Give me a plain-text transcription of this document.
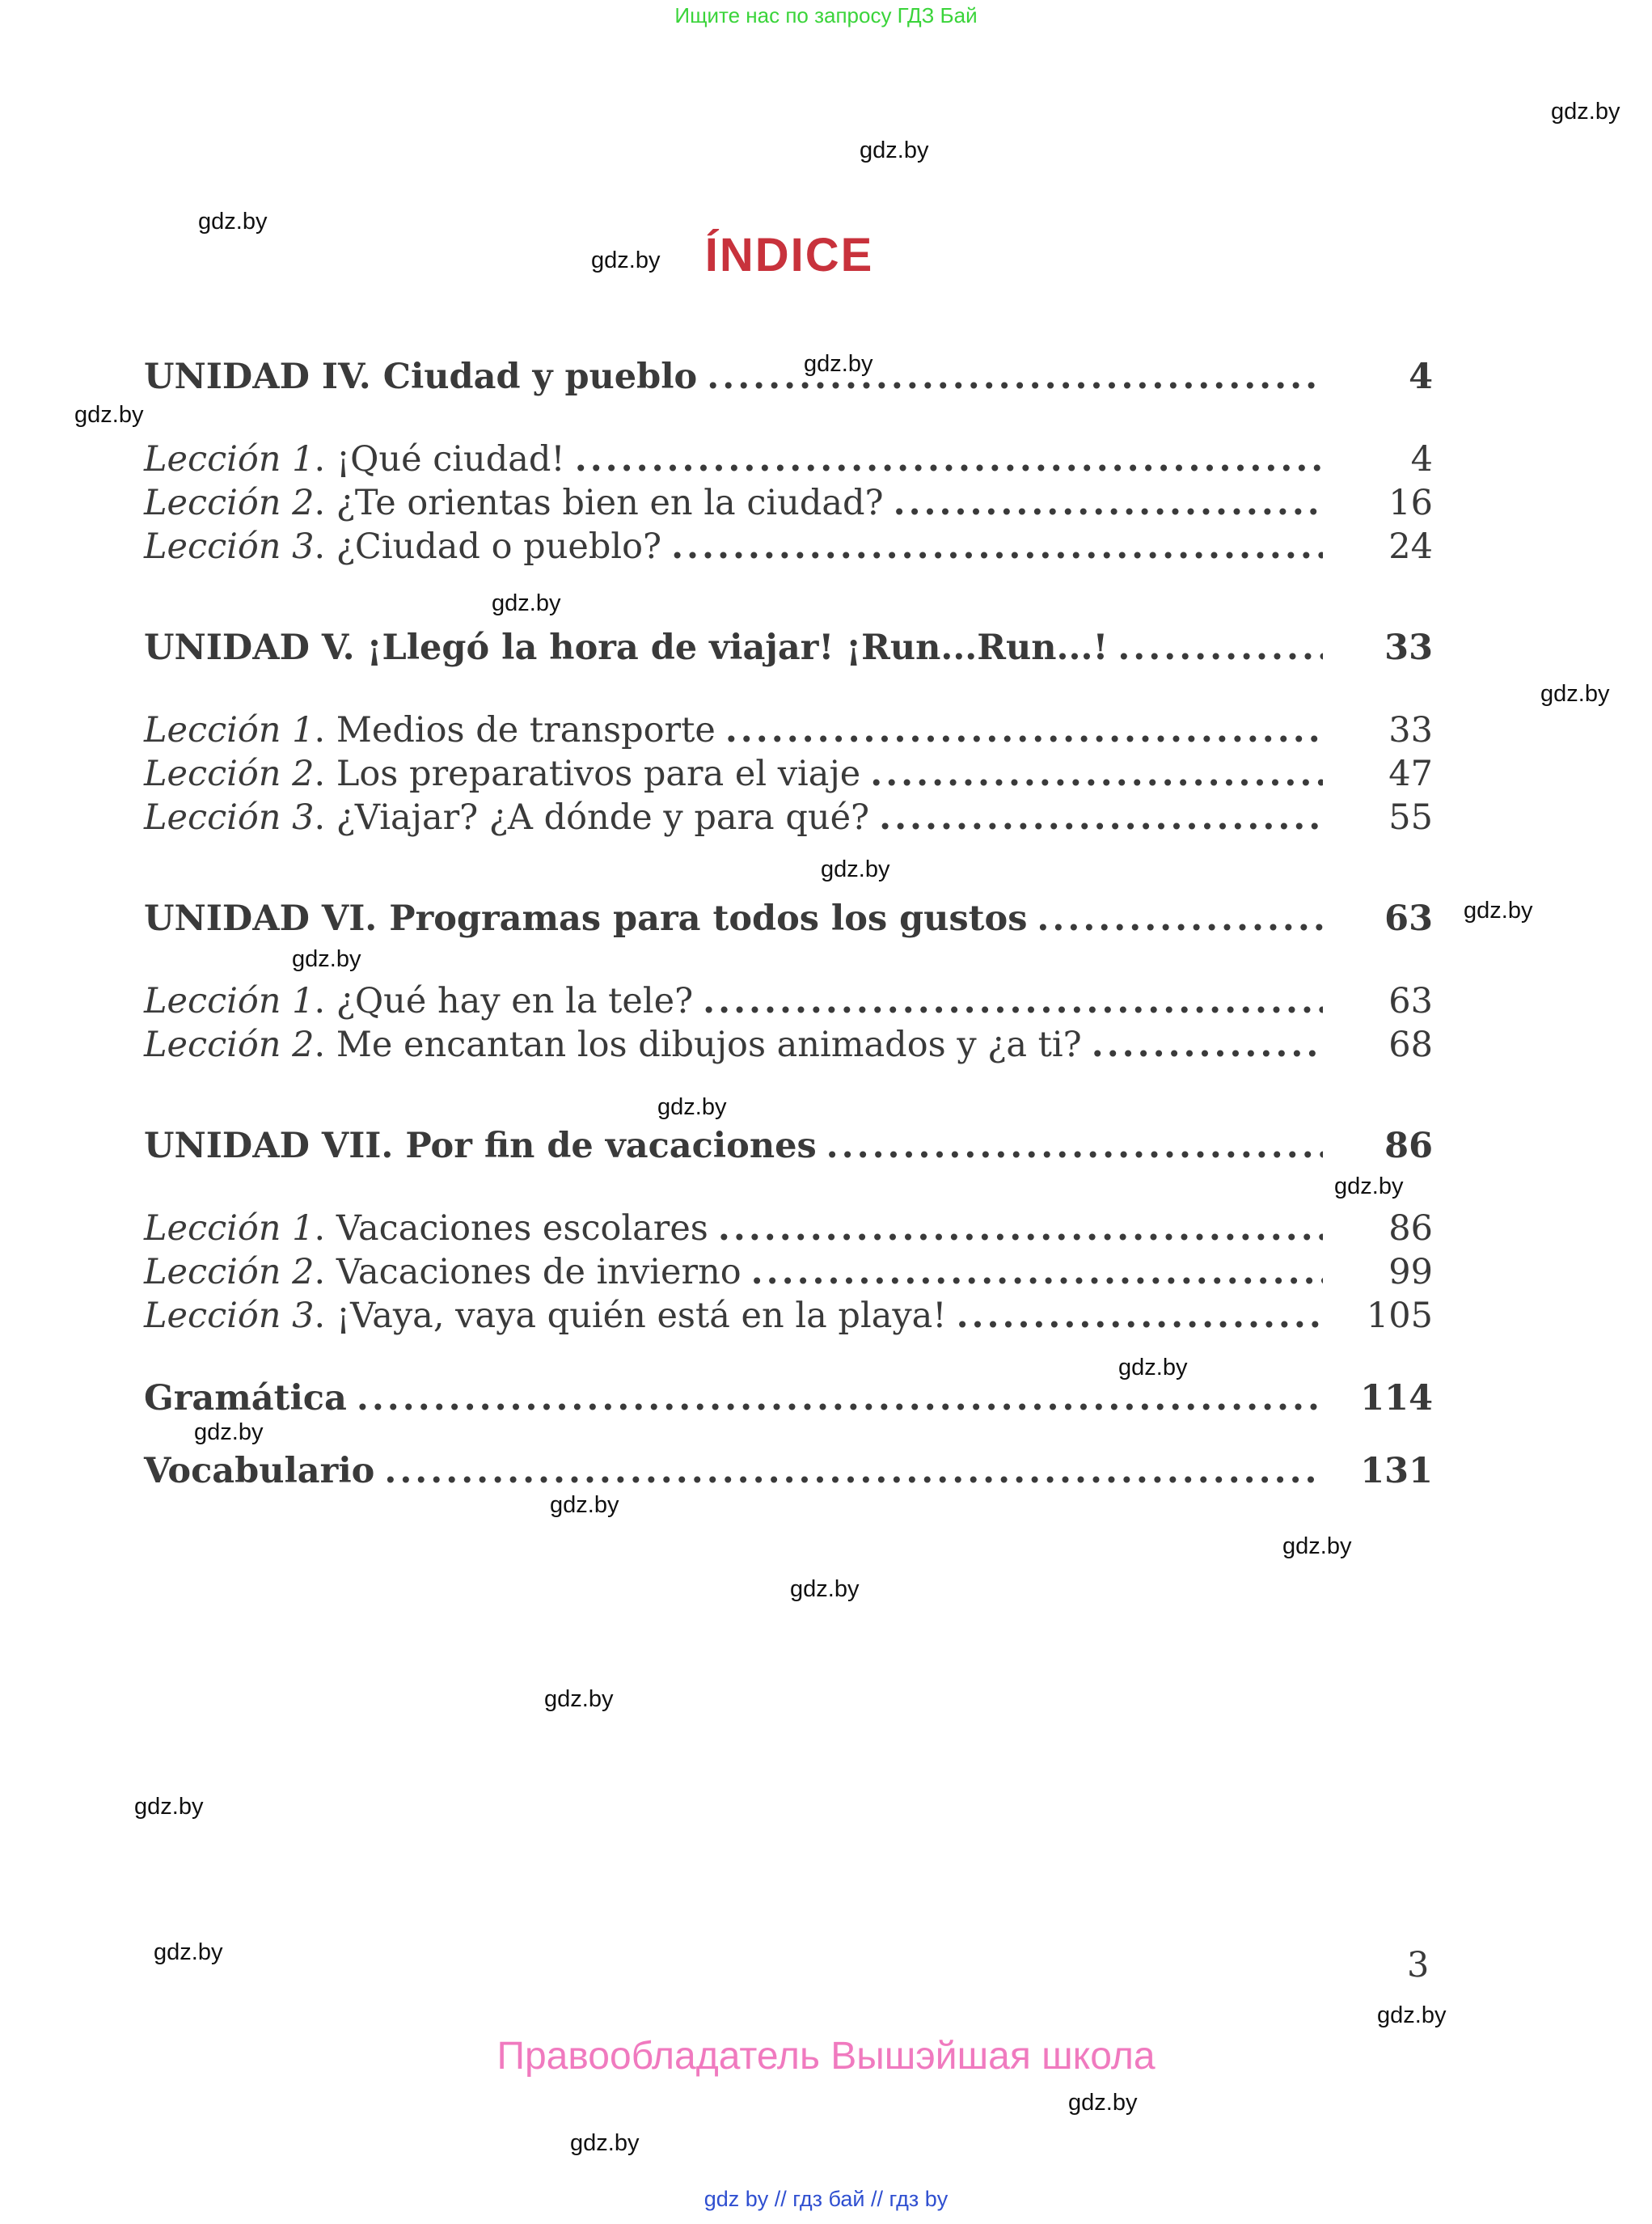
Ищите нас по запросу ГДЗ Бай
ÍNDICE
UNIDAD IV. Ciudad y pueblo .....	4
Lección 1. ¡Qué ciudad! .....	4
Lección 2. ¿Te orientas bien en la ciudad? .....	16
Lección 3. ¿Ciudad o pueblo? .....	24
UNIDAD V. ¡Llegó la hora de viajar! ¡Run...Run...! .....	33
Lección 1. Medios de transporte .....	33
Lección 2. Los preparativos para el viaje .....	47
Lección 3. ¿Viajar? ¿A dónde y para qué? .....	55
UNIDAD VI. Programas para todos los gustos .....	63
Lección 1. ¿Qué hay en la tele? .....	63
Lección 2. Me encantan los dibujos animados y ¿a ti? .....	68
UNIDAD VII. Por fin de vacaciones .....	86
Lección 1. Vacaciones escolares .....	86
Lección 2. Vacaciones de invierno .....	99
Lección 3. ¡Vaya, vaya quién está en la playa! .....	105
Gramática .....	114
Vocabulario .....	131
gdz.by
gdz.by
gdz.by
gdz.by
gdz.by
gdz.by
gdz.by
gdz.by
gdz.by
gdz.by
gdz.by
gdz.by
gdz.by
gdz.by
gdz.by
gdz.by
gdz.by
gdz.by
gdz.by
gdz.by
gdz.by
gdz.by
gdz.by
gdz.by
3
Правообладатель Вышэйшая школа
gdz by // гдз бай // гдз by
